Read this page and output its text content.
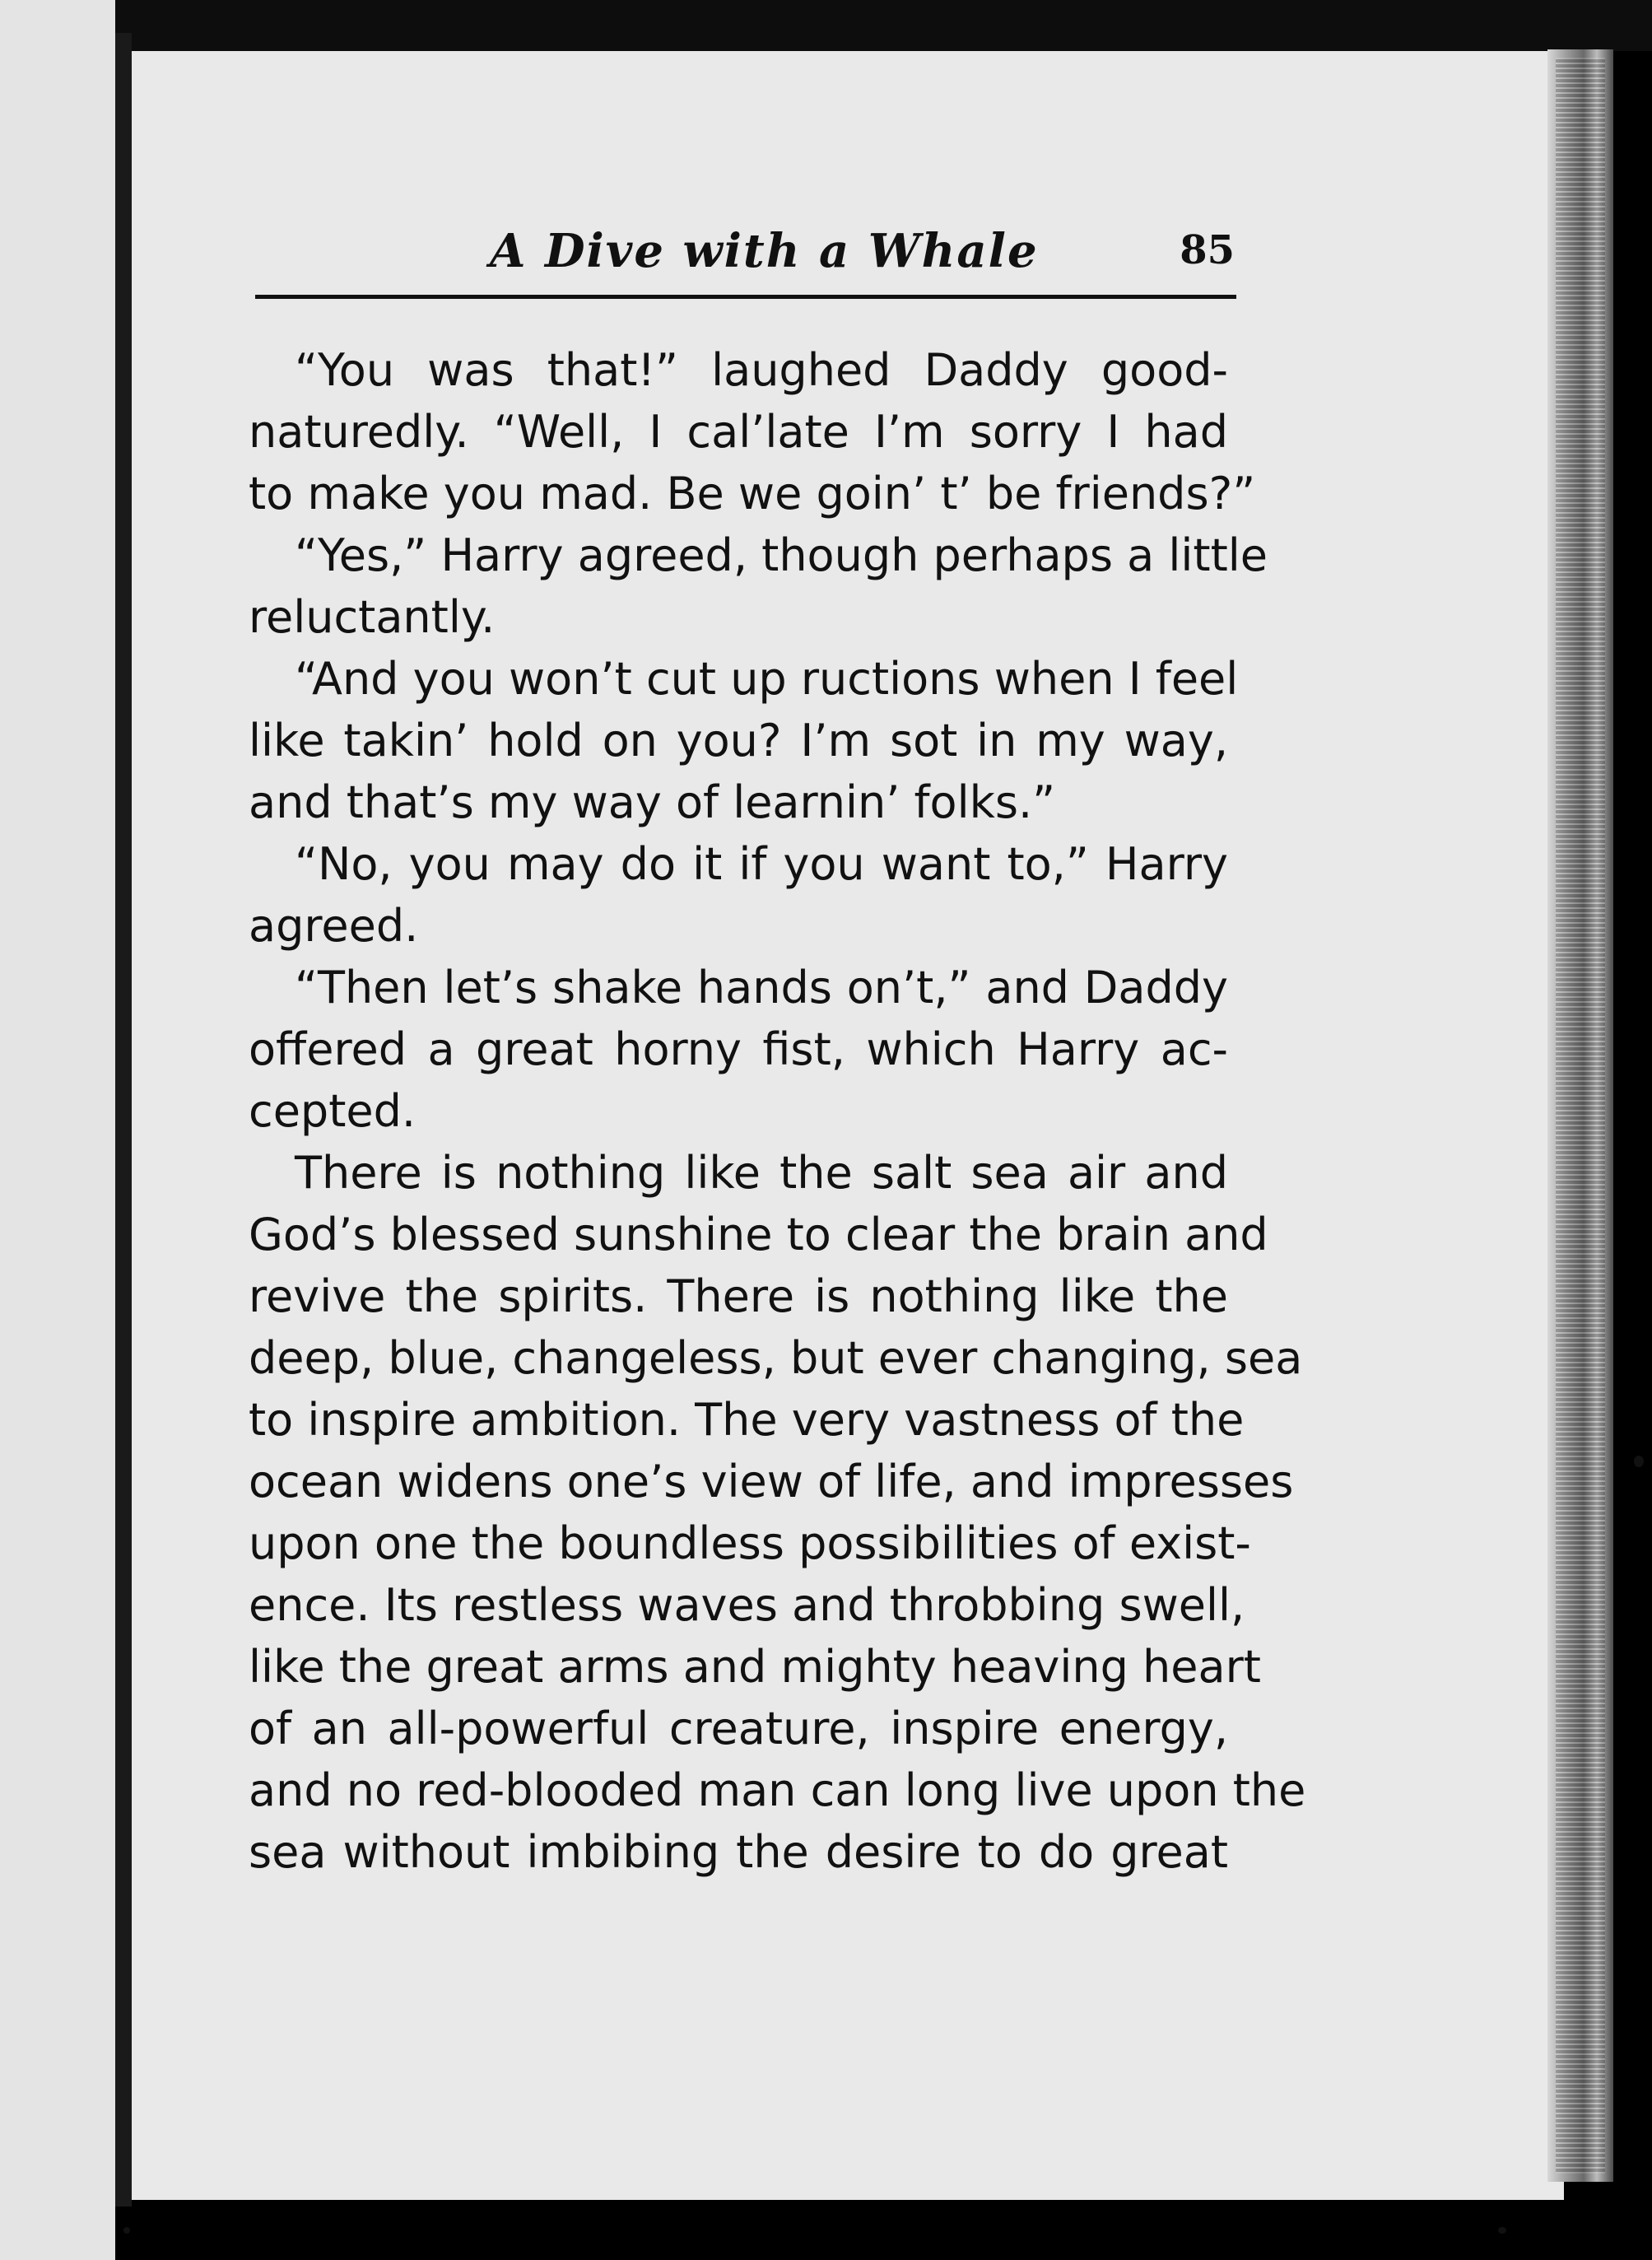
A Dive with a Whale	85
“You was that!” laughed Daddy good-
naturedly. “Well, I cal’late I’m sorry I had
to make you mad. Be we goin’ t’ be friends?”
“Yes,” Harry agreed, though perhaps a little
reluctantly.
“And you won’t cut up ructions when I feel
like takin’ hold on you? I’m sot in my way,
and that’s my way of learnin’ folks.”
“No, you may do it if you want to,” Harry
agreed.
“Then let’s shake hands on’t,” and Daddy
offered a great horny fist, which Harry ac-
cepted.
There is nothing like the salt sea air and
God’s blessed sunshine to clear the brain and
revive the spirits. There is nothing like the
deep, blue, changeless, but ever changing, sea
to inspire ambition. The very vastness of the
ocean widens one’s view of life, and impresses
upon one the boundless possibilities of exist-
ence. Its restless waves and throbbing swell,
like the great arms and mighty heaving heart
of an all-powerful creature, inspire energy,
and no red-blooded man can long live upon the
sea without imbibing the desire to do great
